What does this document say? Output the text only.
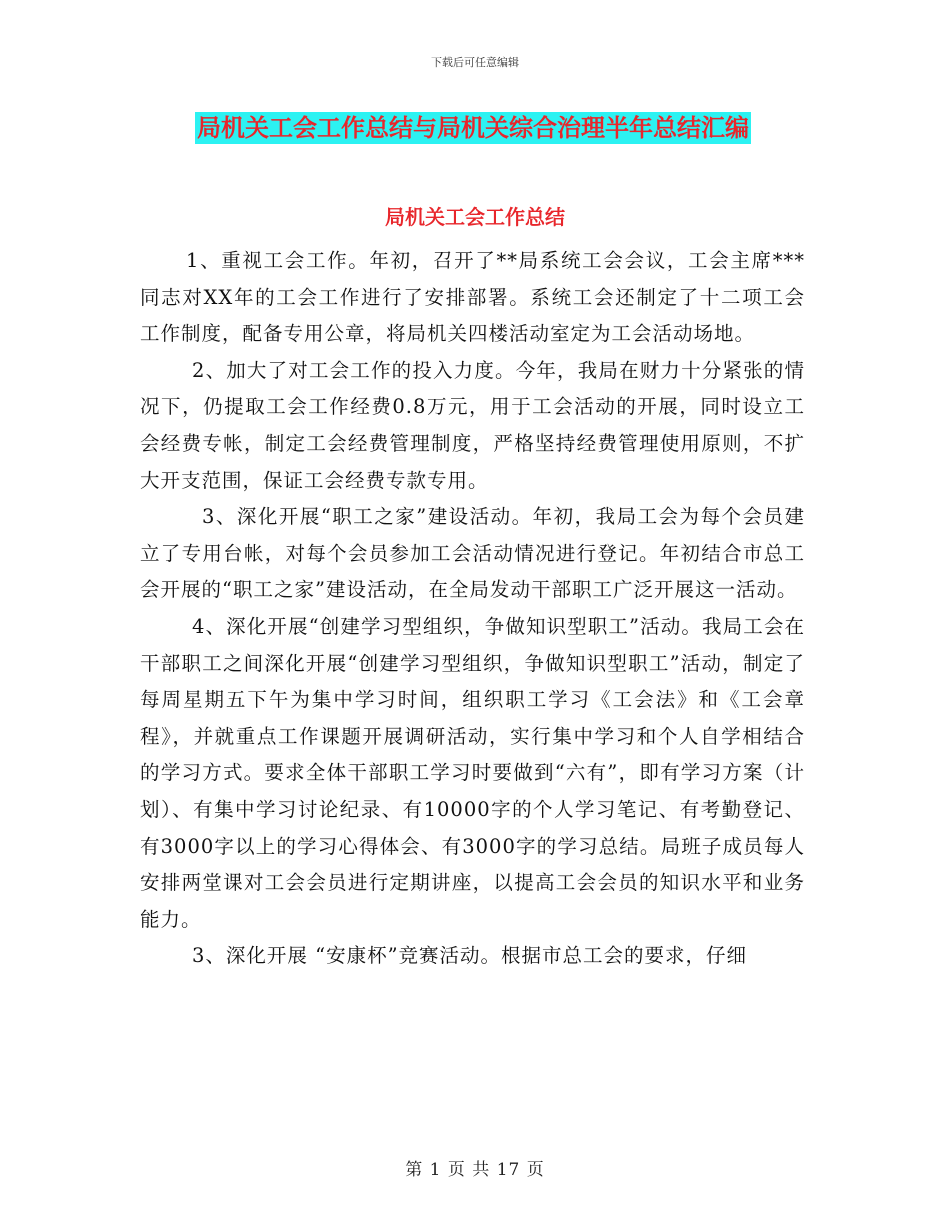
下载后可任意编辑
局机关工会工作总结与局机关综合治理半年总结汇编
局机关工会工作总结

1、重视工会工作。年初，召开了**局系统工会会议，工会主席***同志对XX年的工会工作进行了安排部署。系统工会还制定了十二项工会工作制度，配备专用公章，将局机关四楼活动室定为工会活动场地。

2、加大了对工会工作的投入力度。今年，我局在财力十分紧张的情况下，仍提取工会工作经费0.8万元，用于工会活动的开展，同时设立工会经费专帐，制定工会经费管理制度，严格坚持经费管理使用原则，不扩大开支范围，保证工会经费专款专用。

3、深化开展“职工之家”建设活动。年初，我局工会为每个会员建立了专用台帐，对每个会员参加工会活动情况进行登记。年初结合市总工会开展的“职工之家”建设活动，在全局发动干部职工广泛开展这一活动。

4、深化开展“创建学习型组织，争做知识型职工”活动。我局工会在干部职工之间深化开展“创建学习型组织，争做知识型职工”活动，制定了每周星期五下午为集中学习时间，组织职工学习《工会法》和《工会章程》，并就重点工作课题开展调研活动，实行集中学习和个人自学相结合的学习方式。要求全体干部职工学习时要做到“六有”，即有学习方案（计划）、有集中学习讨论纪录、有10000字的个人学习笔记、有考勤登记、有3000字以上的学习心得体会、有3000字的学习总结。局班子成员每人安排两堂课对工会会员进行定期讲座，以提高工会会员的知识水平和业务能力。

3、深化开展 “安康杯”竞赛活动。根据市总工会的要求，仔细

第 1 页 共 17 页
